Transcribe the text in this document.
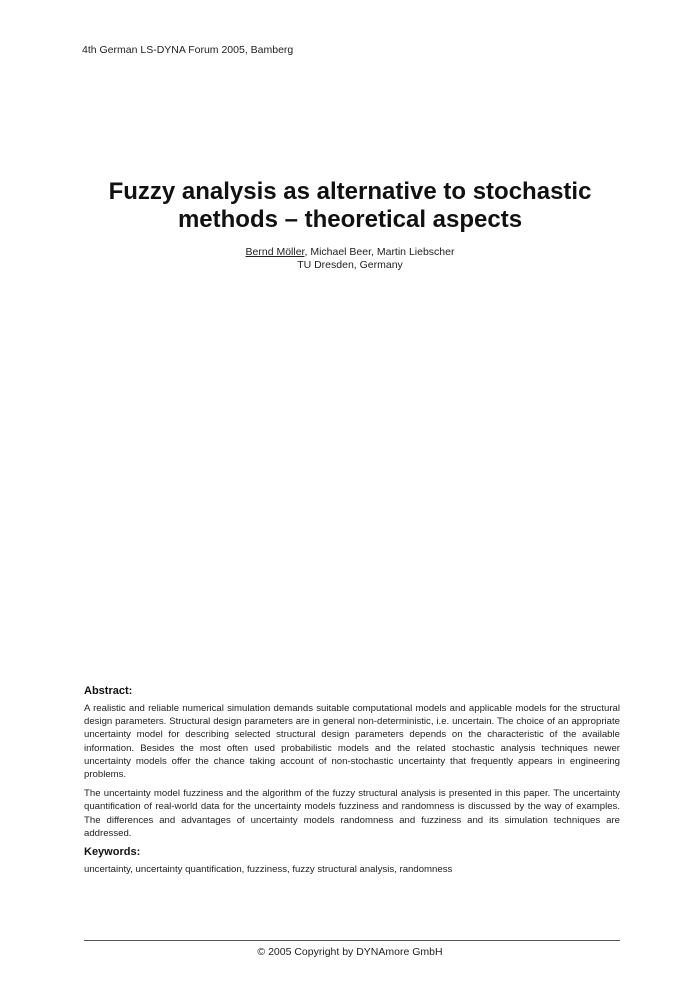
4th German LS-DYNA Forum 2005, Bamberg
Fuzzy analysis as alternative to stochastic
methods – theoretical aspects
Bernd Möller, Michael Beer, Martin Liebscher
TU Dresden, Germany
Abstract:

A realistic and reliable numerical simulation demands suitable computational models and applicable models for the structural design parameters. Structural design parameters are in general non-deterministic, i.e. uncertain. The choice of an appropriate uncertainty model for describing selected structural design parameters depends on the characteristic of the available information. Besides the most often used probabilistic models and the related stochastic analysis techniques newer uncertainty models offer the chance taking account of non-stochastic uncertainty that frequently appears in engineering problems.

The uncertainty model fuzziness and the algorithm of the fuzzy structural analysis is presented in this paper. The uncertainty quantification of real-world data for the uncertainty models fuzziness and randomness is discussed by the way of examples. The differences and advantages of uncertainty models randomness and fuzziness and its simulation techniques are addressed.

Keywords:

uncertainty, uncertainty quantification, fuzziness, fuzzy structural analysis, randomness

© 2005 Copyright by DYNAmore GmbH
